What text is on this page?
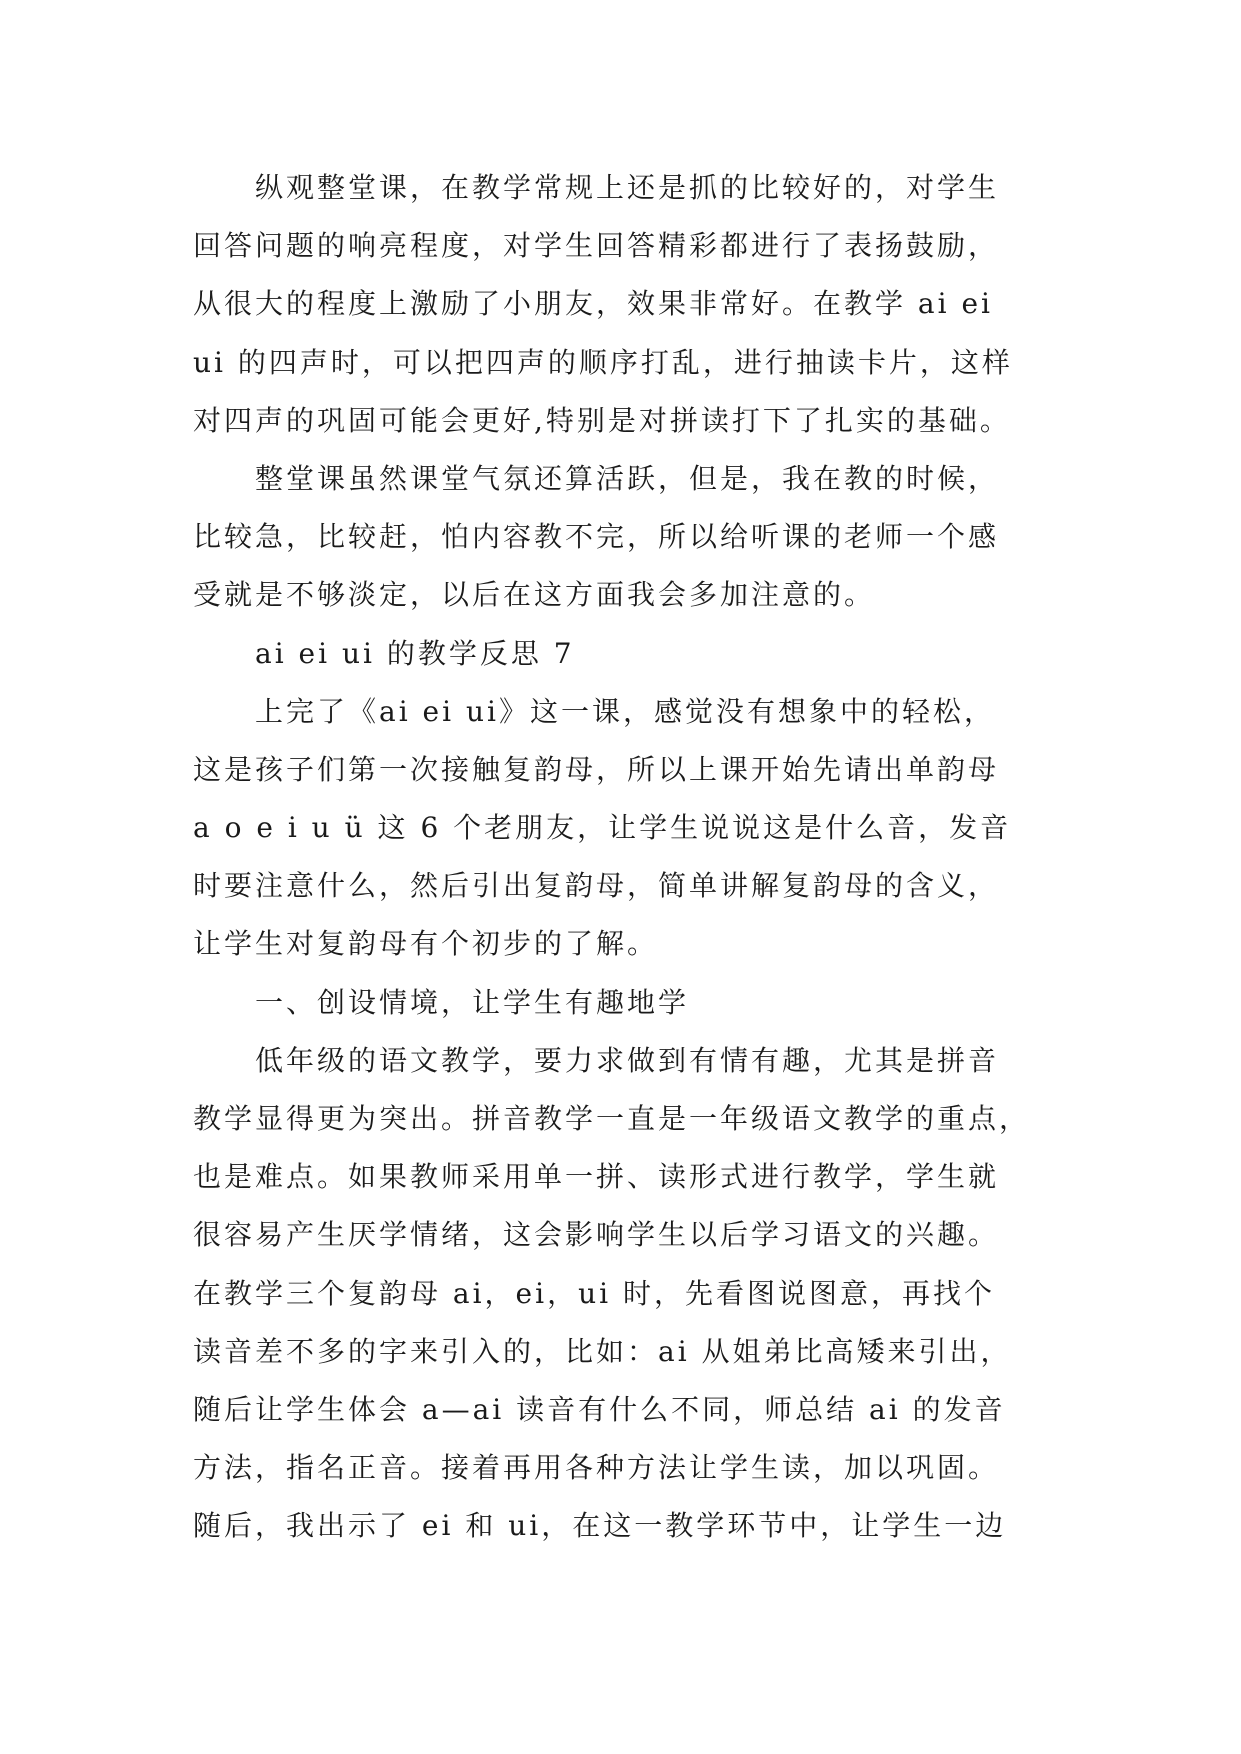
纵观整堂课，在教学常规上还是抓的比较好的，对学生
回答问题的响亮程度，对学生回答精彩都进行了表扬鼓励，
从很大的程度上激励了小朋友，效果非常好。在教学 ai ei
ui 的四声时，可以把四声的顺序打乱，进行抽读卡片，这样
对四声的巩固可能会更好,特别是对拼读打下了扎实的基础。
整堂课虽然课堂气氛还算活跃，但是，我在教的时候，
比较急，比较赶，怕内容教不完，所以给听课的老师一个感
受就是不够淡定，以后在这方面我会多加注意的。
ai ei ui 的教学反思 7
上完了《ai ei ui》这一课，感觉没有想象中的轻松，
这是孩子们第一次接触复韵母，所以上课开始先请出单韵母
a o e i u ü 这 6 个老朋友，让学生说说这是什么音，发音
时要注意什么，然后引出复韵母，简单讲解复韵母的含义，
让学生对复韵母有个初步的了解。
一、创设情境，让学生有趣地学
低年级的语文教学，要力求做到有情有趣，尤其是拼音
教学显得更为突出。拼音教学一直是一年级语文教学的重点，
也是难点。如果教师采用单一拼、读形式进行教学，学生就
很容易产生厌学情绪，这会影响学生以后学习语文的兴趣。
在教学三个复韵母 ai，ei，ui 时，先看图说图意，再找个
读音差不多的字来引入的，比如：ai 从姐弟比高矮来引出，
随后让学生体会 a—ai 读音有什么不同，师总结 ai 的发音
方法，指名正音。接着再用各种方法让学生读，加以巩固。
随后，我出示了 ei 和 ui，在这一教学环节中，让学生一边
